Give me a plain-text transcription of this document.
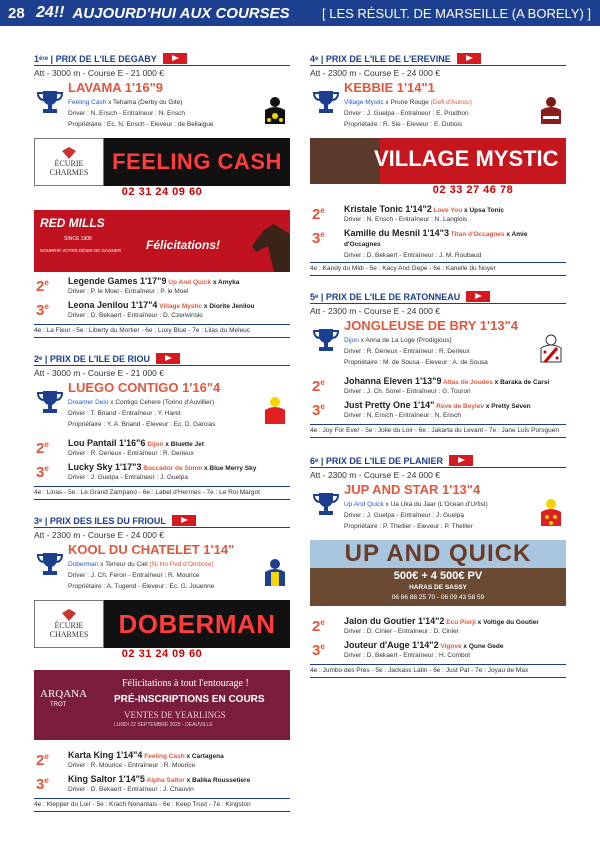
28 24!! AUJOURD'HUI AUX COURSES [ LES RÉSULT. DE MARSEILLE (A BORELY) ]
1 ère | PRIX DE L'ILE DEGABY
Att - 3000 m - Course E - 21 000 €
LAVAMA 1'16"9
Feeling Cash x Tehama (Derby du Gite)
Driver : N. Ensch - Entraîneur : N. Ensch
Propriétaire : Ec. N. Ensch - Eleveur : de Bellaigue
ÉCURIE
CHARMES	FEELING CASH
02 31 24 09 60
RED MILLS
SINCE 1908
NOURRIR VOTRE DÉSIR DE GAGNER Félicitations!
2e Legende Games 1'17"9 Up And Quick x Amyka
Driver : P. le Moel - Entraîneur : P. le Moel
3e Leona Jenilou 1'17"4 Village Mystic x Diorite Jenilou
Driver : D. Bekaert - Entraîneur : D. Czerwinski
4e : La Fleur - 5e : Liberty du Mortier - 6e : Luxy Blue - 7e : Lilas du Meleuc
2 e | PRIX DE L'ILE DE RIOU
Att - 3000 m - Course E - 21 000 €
LUEGO CONTIGO 1'16"4
Dreamer Delo x Contigo Cehere (Torino d'Auvillier)
Driver : T. Briand - Entraîneur : Y. Haret
Propriétaire : Y. A. Briand - Eleveur : Ec. D. Garcias
2e Lou Pantail 1'16"6 Dijon x Bluette Jet
Driver : R. Derieux - Entraîneur : R. Derieux
3e Lucky Sky 1'17"3 Boccador de Simm x Blue Merry Sky
Driver : J. Guelpa - Entraîneur : J. Guelpa
4e : Linas - 5e : Le Grand Zampano - 6e : Label d'Hermes - 7e : Le Roi Margot
3 e | PRIX DES ILES DU FRIOUL
Att - 2300 m - Course E - 24 000 €
KOOL DU CHATELET 1'14"
Doberman x Terreur du Ciel (Ni Ho Ped d'Ombree)
Driver : J. Ch. Feron - Entraîneur : R. Mourice
Propriétaire : A. Tugend - Eleveur : Ec. G. Jouenne
ÉCURIE
CHARMES	DOBERMAN
02 31 24 09 60
ARQANA
TROT
Félicitations à tout l'entourage !
PRÉ-INSCRIPTIONS EN COURS
VENTES DE YEARLINGS
LUNDI 22 SEPTEMBRE 2025 - DEAUVILLE
2e Karta King 1'14"4 Feeling Cash x Cartagena
Driver : R. Mourice - Entraîneur : R. Mourice
3e King Saltor 1'14"5 Alpha Saltor x Balika Roussetiere
Driver : D. Bekaert - Entraîneur : J. Chauvin
4e : Klepper du Loir - 5e : Krach Nonantais - 6e : Keep Trust - 7e : Kingston
4 e | PRIX DE L'ILE DE L'EREVINE
Att - 2300 m - Course E - 24 000 €
KEBBIE 1'14"1
Village Mystic x Prune Rouge (Defi d'Aunou)
Driver : J. Guelpa - Entraîneur : E. Prudhon
Propriétaire : R. Sie - Eleveur : E. Dubois
VILLAGE MYSTIC
02 33 27 46 78
2e Kristale Tonic 1'14"2 Love You x Upsa Tonic
Driver : N. Ensch - Entraîneur : N. Langlois
3e Kamille du Mesnil 1'14"3 Titan d'Occagnes x Amie d'Occagnes
Driver : D. Bekaert - Entraîneur : J. M. Roubaud
4e : Kandy du Midi - 5e : Kacy And Gepe - 6e : Kanelle du Noyer
5 e | PRIX DE L'ILE DE RATONNEAU
Att - 2300 m - Course E - 24 000 €
JONGLEUSE DE BRY 1'13"4
Dijon x Anna de La Loge (Prodigious)
Driver : R. Derieux - Entraîneur : R. Derieux
Propriétaire : M. de Sousa - Eleveur : A. de Sousa
2e Johanna Eleven 1'13"9 Atlas de Joudes x Baraka de Carsi
Driver : J. Ch. Sorel - Entraîneur : G. Touron
3e Just Pretty One 1'14" Reve de Beylev x Pretty Seven
Driver : N. Ensch - Entraîneur : N. Ensch
4e : Joy For Ever - 5e : Jolie du Loir - 6e : Jakarta du Levant - 7e : Jane Luis Porsguen
6 e | PRIX DE L'ILE DE PLANIER
Att - 2300 m - Course E - 24 000 €
JUP AND STAR 1'13"4
Up And Quick x Ua Uka du Jaar (L'Ocean d'Urfist)
Driver : J. Guelpa - Entraîneur : J. Guelpa
Propriétaire : P. Thellier - Eleveur : P. Thellier
UP AND QUICK
500€ + 4 500€ PV
HARAS DE SASSY
06 66 88 25 70 - 06 09 43 58 59
2e Jalon du Goutier 1'14"2 Ecu Pierji x Voltige du Goutier
Driver : D. Cinier - Entraîneur : D. Cinier
3e Jouteur d'Auge 1'14"2 Vigove x Qune Gede
Driver : D. Bekaert - Entraîneur : H. Combot
4e : Jumbo des Pres - 5e : Jackass Latin - 6e : Just Pat - 7e : Joyau de Max
